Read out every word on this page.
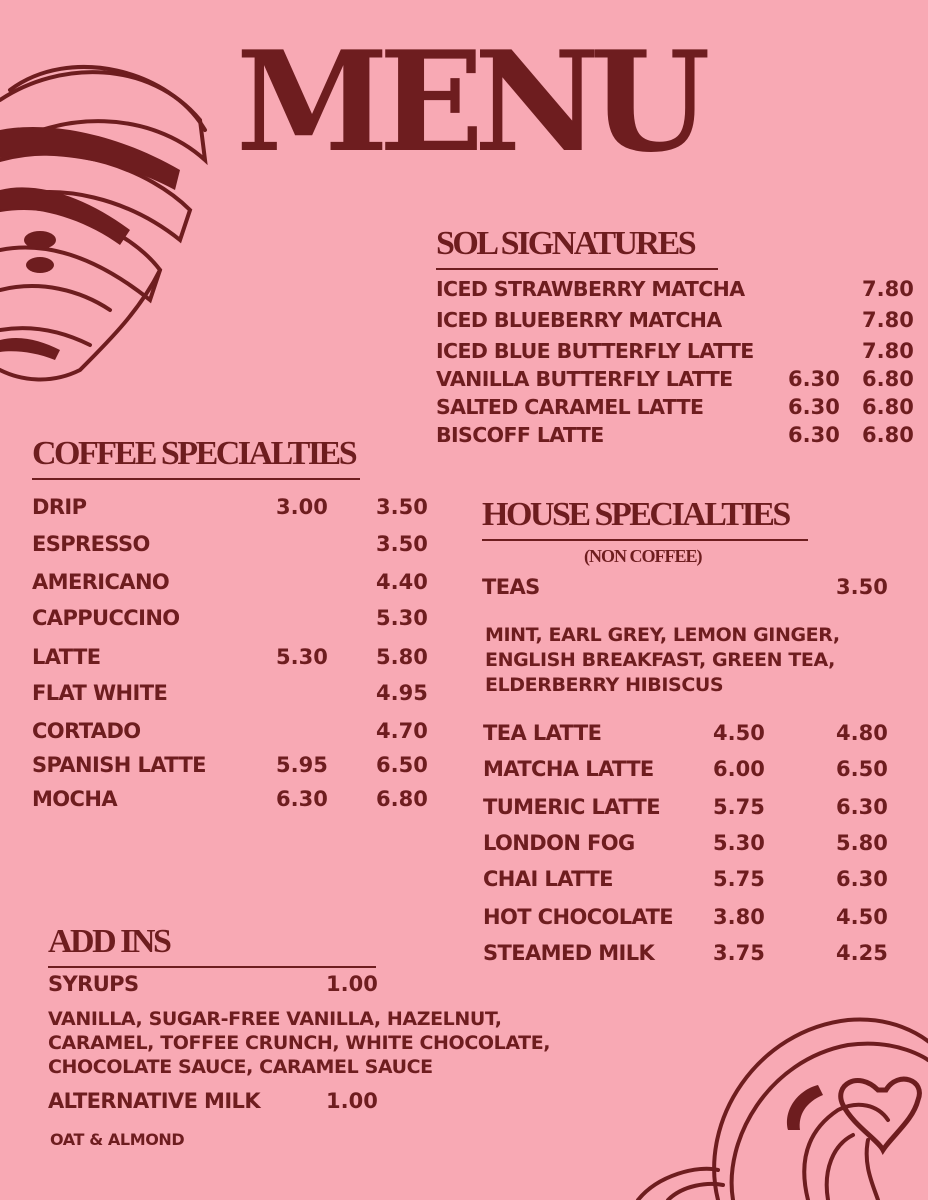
MENU
SOL SIGNATURES
ICED STRAWBERRY MATCHA	7.80
ICED BLUEBERRY MATCHA	7.80
ICED BLUE BUTTERFLY LATTE	7.80
VANILLA BUTTERFLY LATTE	6.30 6.80
SALTED CARAMEL LATTE	6.30 6.80
BISCOFF LATTE	6.30 6.80
COFFEE SPECIALTIES
DRIP	3.00 3.50
ESPRESSO	3.50
AMERICANO	4.40
CAPPUCCINO	5.30
LATTE	5.30 5.80
FLAT WHITE	4.95
CORTADO	4.70
SPANISH LATTE	5.95 6.50
MOCHA	6.30 6.80
HOUSE SPECIALTIES
(NON COFFEE)
TEAS	3.50
MINT, EARL GREY, LEMON GINGER,
ENGLISH BREAKFAST, GREEN TEA,
ELDERBERRY HIBISCUS
TEA LATTE	4.50	4.80
MATCHA LATTE	6.00	6.50
TUMERIC LATTE	5.75	6.30
LONDON FOG	5.30	5.80
CHAI LATTE	5.75	6.30
HOT CHOCOLATE 3.80	4.50
STEAMED MILK	3.75	4.25
ADD INS
SYRUPS	1.00
VANILLA, SUGAR-FREE VANILLA, HAZELNUT,
CARAMEL, TOFFEE CRUNCH, WHITE CHOCOLATE,
CHOCOLATE SAUCE, CARAMEL SAUCE
ALTERNATIVE MILK	1.00
OAT & ALMOND
